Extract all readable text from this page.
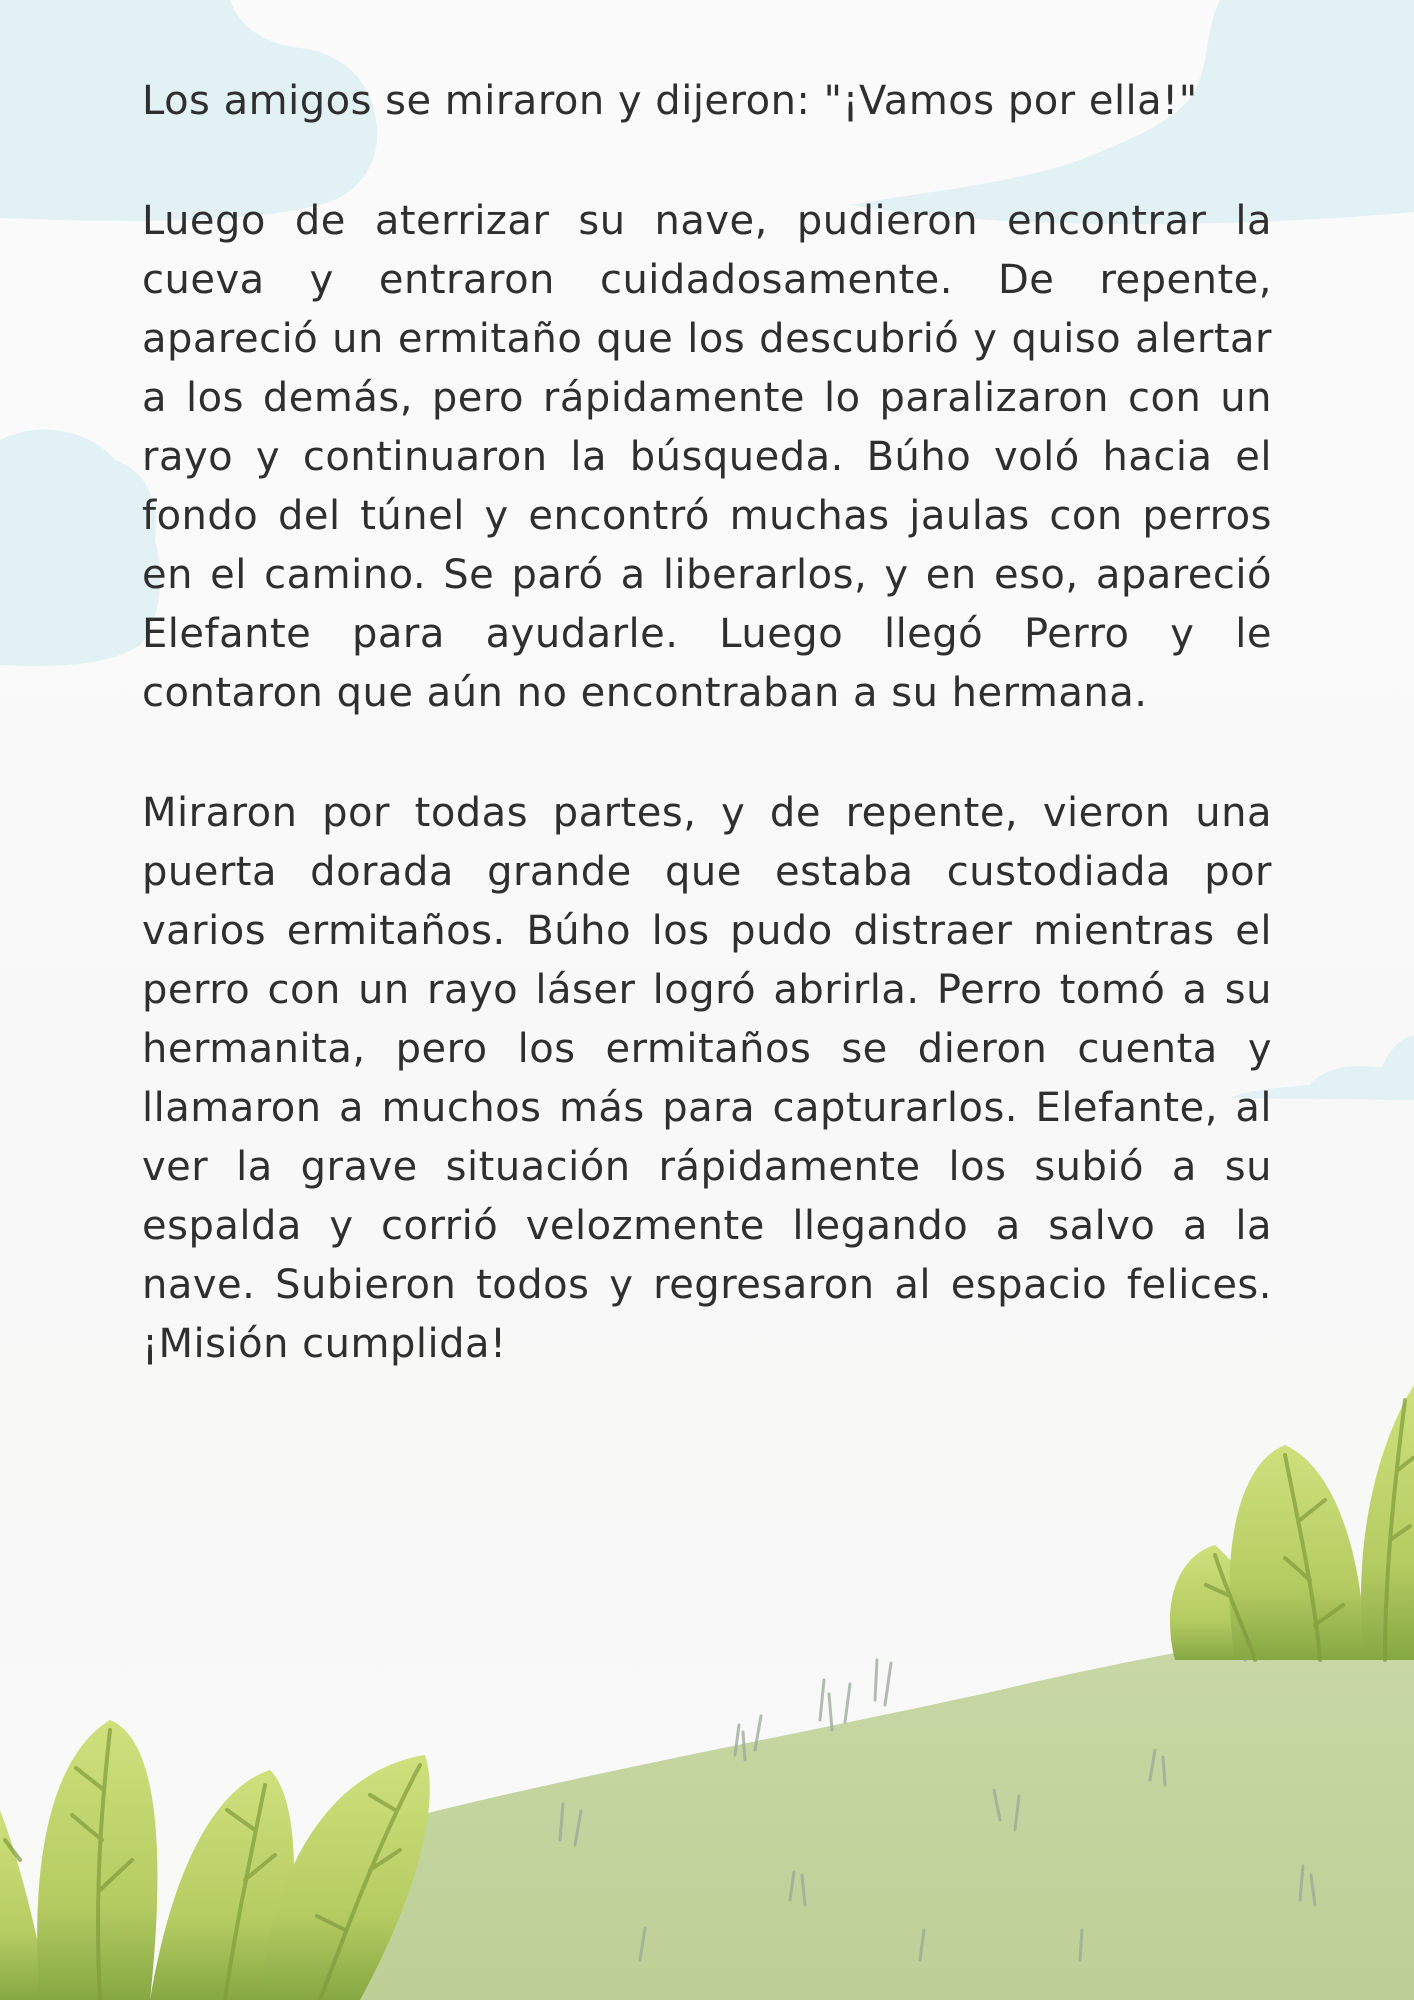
Los amigos se miraron y dijeron: "¡Vamos por ella!"

Luego de aterrizar su nave, pudieron encontrar la cueva y entraron cuidadosamente. De repente, apareció un ermitaño que los descubrió y quiso alertar a los demás, pero rápidamente lo paralizaron con un rayo y continuaron la búsqueda. Búho voló hacia el fondo del túnel y encontró muchas jaulas con perros en el camino. Se paró a liberarlos, y en eso, apareció Elefante para ayudarle. Luego llegó Perro y le contaron que aún no encontraban a su hermana.

Miraron por todas partes, y de repente, vieron una puerta dorada grande que estaba custodiada por varios ermitaños. Búho los pudo distraer mientras el perro con un rayo láser logró abrirla. Perro tomó a su hermanita, pero los ermitaños se dieron cuenta y llamaron a muchos más para capturarlos. Elefante, al ver la grave situación rápidamente los subió a su espalda y corrió velozmente llegando a salvo a la nave. Subieron todos y regresaron al espacio felices. ¡Misión cumplida!
